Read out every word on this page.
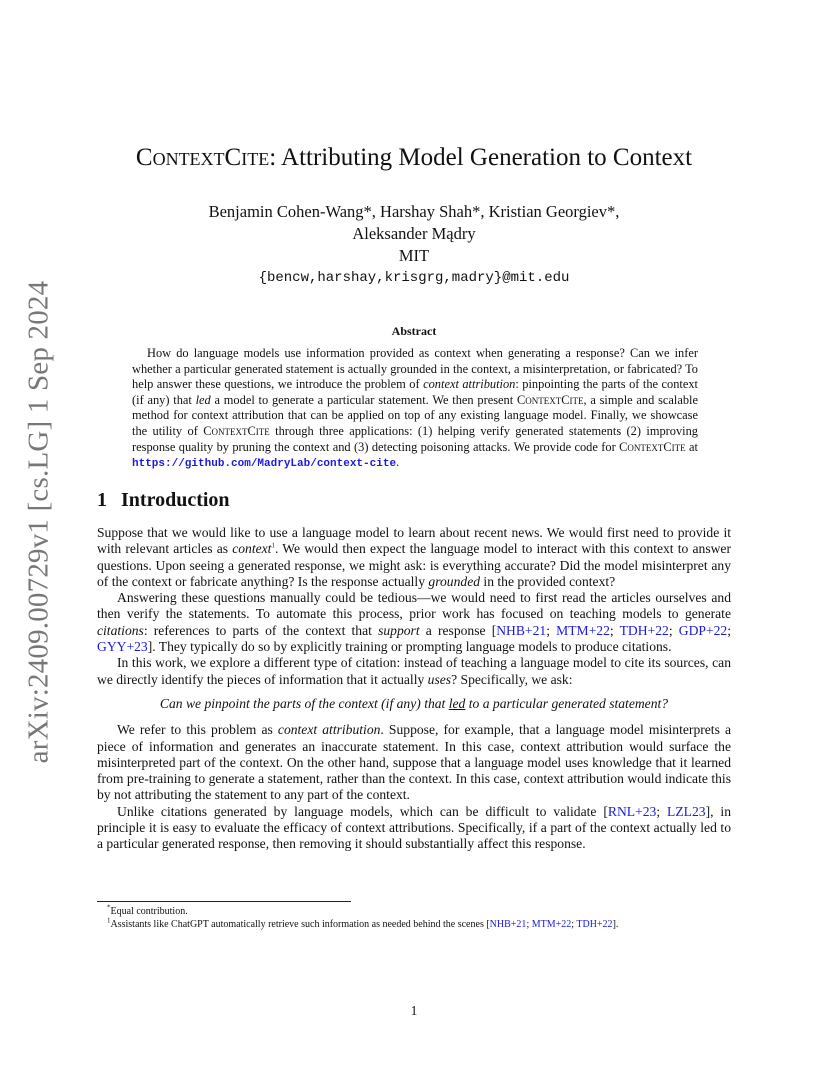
arXiv:2409.00729v1 [cs.LG] 1 Sep 2024
ContextCite: Attributing Model Generation to Context
Benjamin Cohen-Wang*, Harshay Shah*, Kristian Georgiev*,
Aleksander Mądry
MIT
{bencw,harshay,krisgrg,madry}@mit.edu
Abstract

How do language models use information provided as context when generating a response? Can we infer whether a particular generated statement is actually grounded in the context, a misinterpretation, or fabricated? To help answer these questions, we introduce the problem of context attribution: pinpointing the parts of the context (if any) that led a model to generate a particular statement. We then present ContextCite, a simple and scalable method for context attribution that can be applied on top of any existing language model. Finally, we showcase the utility of ContextCite through three applications: (1) helping verify generated statements (2) improving response quality by pruning the context and (3) detecting poisoning attacks. We provide code for ContextCite at https://github.com/MadryLab/context-cite.

1 Introduction

Suppose that we would like to use a language model to learn about recent news. We would first need to provide it with relevant articles as context$^1$. We would then expect the language model to interact with this context to answer questions. Upon seeing a generated response, we might ask: is everything accurate? Did the model misinterpret any of the context or fabricate anything? Is the response actually grounded in the provided context?

Answering these questions manually could be tedious—we would need to first read the articles ourselves and then verify the statements. To automate this process, prior work has focused on teaching models to generate citations: references to parts of the context that support a response [NHB+21; MTM+22; TDH+22; GDP+22; GYY+23]. They typically do so by explicitly training or prompting language models to produce citations.

In this work, we explore a different type of citation: instead of teaching a language model to cite its sources, can we directly identify the pieces of information that it actually uses? Specifically, we ask:

Can we pinpoint the parts of the context (if any) that led to a particular generated statement?

We refer to this problem as context attribution. Suppose, for example, that a language model misinterprets a piece of information and generates an inaccurate statement. In this case, context attribution would surface the misinterpreted part of the context. On the other hand, suppose that a language model uses knowledge that it learned from pre-training to generate a statement, rather than the context. In this case, context attribution would indicate this by not attributing the statement to any part of the context.

Unlike citations generated by language models, which can be difficult to validate [RNL+23; LZL23], in principle it is easy to evaluate the efficacy of context attributions. Specifically, if a part of the context actually led to a particular generated response, then removing it should substantially affect this response.

*Equal contribution.

$^1$Assistants like ChatGPT automatically retrieve such information as needed behind the scenes [NHB+21; MTM+22; TDH+22].

1
